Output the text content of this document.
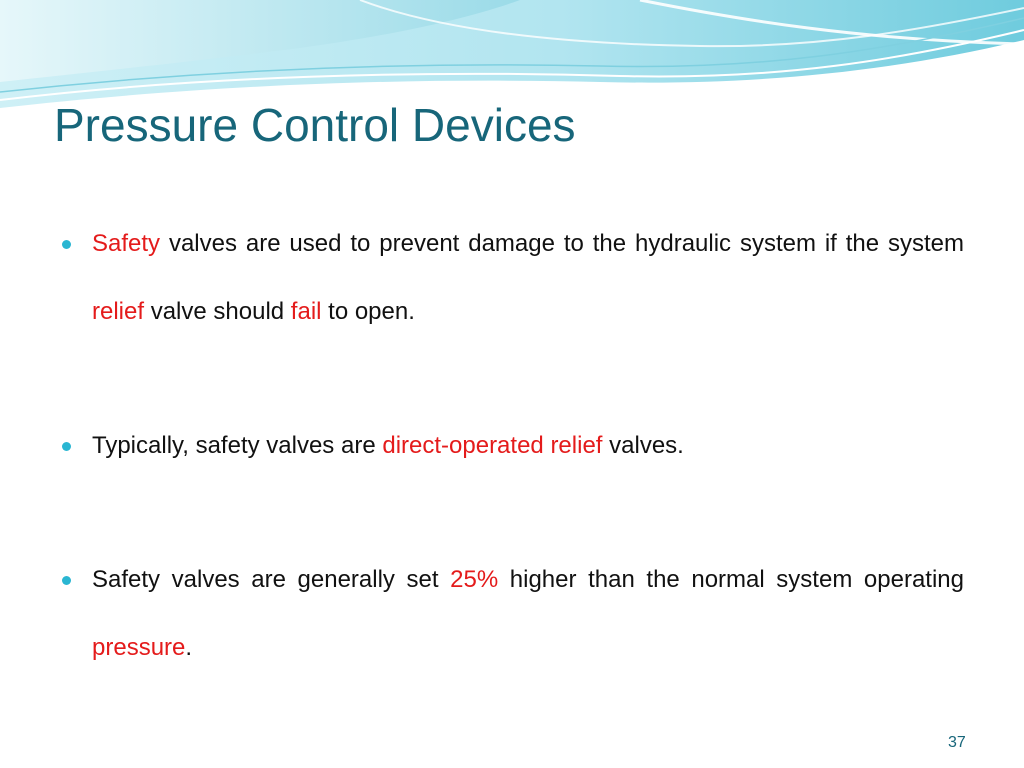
Pressure Control Devices

Safety valves are used to prevent damage to the hydraulic system if the system relief valve should fail to open.

Typically, safety valves are direct-operated relief valves.

Safety valves are generally set 25% higher than the normal system operating pressure.

37
